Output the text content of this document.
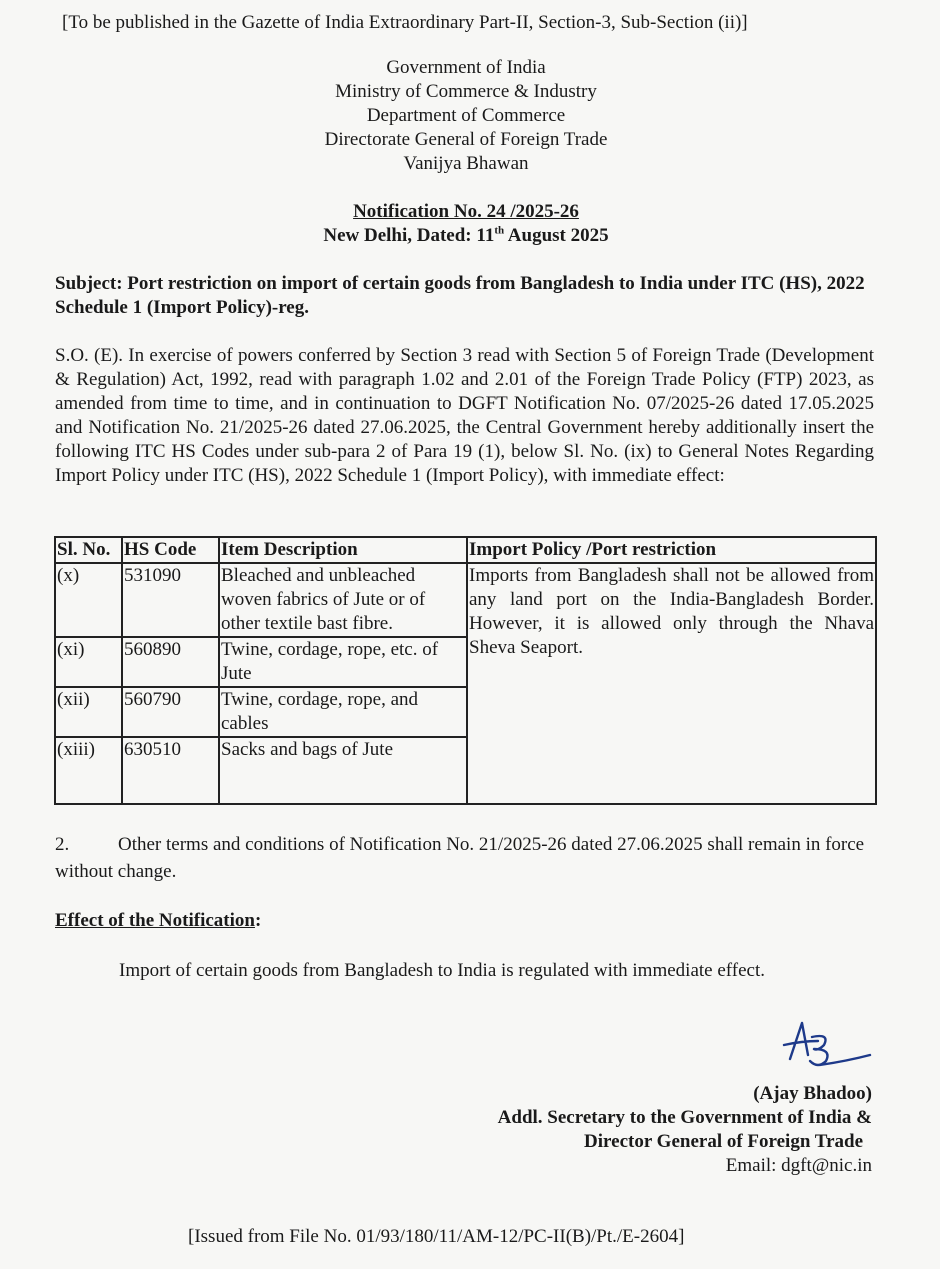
[To be published in the Gazette of India Extraordinary Part-II, Section-3, Sub-Section (ii)]
Government of India
Ministry of Commerce & Industry
Department of Commerce
Directorate General of Foreign Trade
Vanijya Bhawan
Notification No. 24 /2025-26
New Delhi, Dated: 11th August 2025
Subject: Port restriction on import of certain goods from Bangladesh to India under ITC (HS), 2022 Schedule 1 (Import Policy)-reg.
S.O. (E). In exercise of powers conferred by Section 3 read with Section 5 of Foreign Trade (Development & Regulation) Act, 1992, read with paragraph 1.02 and 2.01 of the Foreign Trade Policy (FTP) 2023, as amended from time to time, and in continuation to DGFT Notification No. 07/2025-26 dated 17.05.2025 and Notification No. 21/2025-26 dated 27.06.2025, the Central Government hereby additionally insert the following ITC HS Codes under sub-para 2 of Para 19 (1), below Sl. No. (ix) to General Notes Regarding Import Policy under ITC (HS), 2022 Schedule 1 (Import Policy), with immediate effect:
Sl. No.	HS Code	Item Description	Import Policy /Port restriction
(x)	531090	Bleached and unbleached woven fabrics of Jute or of other textile bast fibre.	Imports from Bangladesh shall not be allowed from any land port on the India-Bangladesh Border. However, it is allowed only through the Nhava Sheva Seaport.
(xi)	560890	Twine, cordage, rope, etc. of Jute	
(xii)	560790	Twine, cordage, rope, and cables	
(xiii)	630510	Sacks and bags of Jute	
2.	Other terms and conditions of Notification No. 21/2025-26 dated 27.06.2025 shall remain in force without change.
Effect of the Notification:
Import of certain goods from Bangladesh to India is regulated with immediate effect.
(Ajay Bhadoo)
Addl. Secretary to the Government of India &
Director General of Foreign Trade
Email: dgft@nic.in
[Issued from File No. 01/93/180/11/AM-12/PC-II(B)/Pt./E-2604]
